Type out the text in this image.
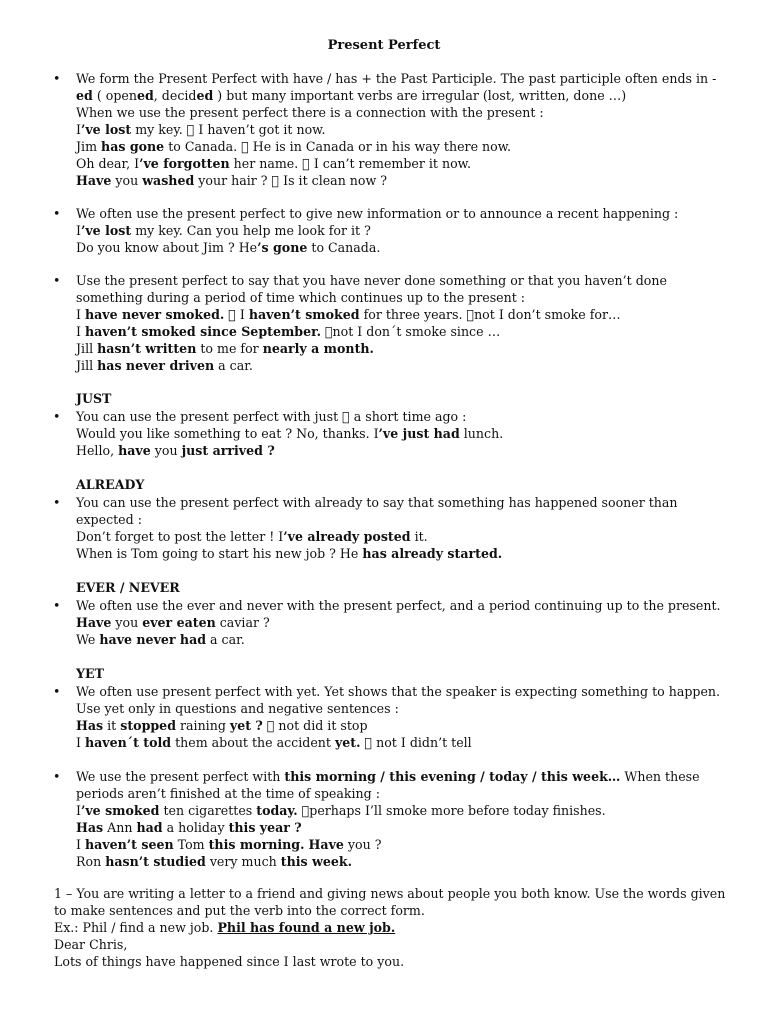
Present Perfect
• We form the Present Perfect with have / has + the Past Participle. The past participle often ends in - ed ( opened, decided ) but many important verbs are irregular (lost, written, done …)
When we use the present perfect there is a connection with the present :
I’ve lost my key. I haven’t got it now.
Jim has gone to Canada. He is in Canada or in his way there now.
Oh dear, I’ve forgotten her name. I can’t remember it now.
Have you washed your hair ? Is it clean now ?
• We often use the present perfect to give new information or to announce a recent happening :
I’ve lost my key. Can you help me look for it ?
Do you know about Jim ? He’s gone to Canada.
• Use the present perfect to say that you have never done something or that you haven’t done something during a period of time which continues up to the present :
I have never smoked. I haven’t smoked for three years. not I don’t smoke for…
I haven’t smoked since September. not I don´t smoke since …
Jill hasn’t written to me for nearly a month.
Jill has never driven a car.
JUST
• You can use the present perfect with just a short time ago :
Would you like something to eat ? No, thanks. I’ve just had lunch.
Hello, have you just arrived ?
ALREADY
• You can use the present perfect with already to say that something has happened sooner than expected :
Don’t forget to post the letter ! I’ve already posted it.
When is Tom going to start his new job ? He has already started.
EVER / NEVER
• We often use the ever and never with the present perfect, and a period continuing up to the present.
Have you ever eaten caviar ?
We have never had a car.
YET
• We often use present perfect with yet. Yet shows that the speaker is expecting something to happen. Use yet only in questions and negative sentences :
Has it stopped raining yet ? not did it stop
I haven´t told them about the accident yet. not I didn’t tell
• We use the present perfect with this morning / this evening / today / this week… When these periods aren’t finished at the time of speaking :
I’ve smoked ten cigarettes today. perhaps I’ll smoke more before today finishes.
Has Ann had a holiday this year ?
I haven’t seen Tom this morning. Have you ?
Ron hasn’t studied very much this week.
1 – You are writing a letter to a friend and giving news about people you both know. Use the words given to make sentences and put the verb into the correct form.
Ex.: Phil / find a new job. Phil has found a new job.
Dear Chris,
Lots of things have happened since I last wrote to you.
